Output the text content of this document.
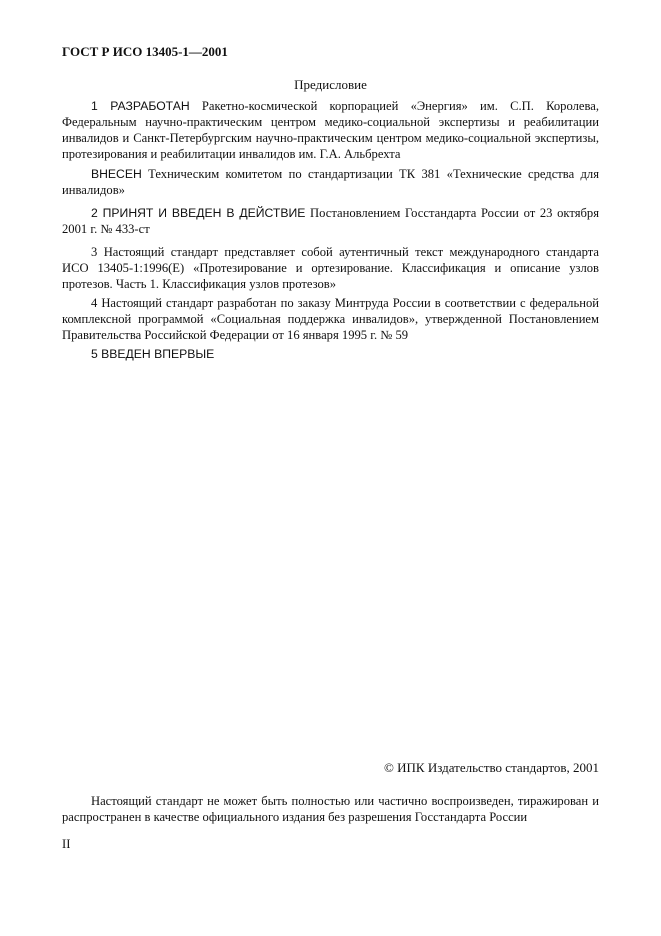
ГОСТ Р ИСО 13405-1—2001
Предисловие

1 РАЗРАБОТАН Ракетно-космической корпорацией «Энергия» им. С.П. Королева, Федеральным научно-практическим центром медико-социальной экспертизы и реабилитации инвалидов и Санкт-Петербургским научно-практическим центром медико-социальной экспертизы, протезирования и реабилитации инвалидов им. Г.А. Альбрехта

ВНЕСЕН Техническим комитетом по стандартизации ТК 381 «Технические средства для инвалидов»

2 ПРИНЯТ И ВВЕДЕН В ДЕЙСТВИЕ Постановлением Госстандарта России от 23 октября 2001 г. № 433-ст

3 Настоящий стандарт представляет собой аутентичный текст международного стандарта ИСО 13405-1:1996(Е) «Протезирование и ортезирование. Классификация и описание узлов протезов. Часть 1. Классификация узлов протезов»

4 Настоящий стандарт разработан по заказу Минтруда России в соответствии с федеральной комплексной программой «Социальная поддержка инвалидов», утвержденной Постановлением Правительства Российской Федерации от 16 января 1995 г. № 59

5 ВВЕДЕН ВПЕРВЫЕ

© ИПК Издательство стандартов, 2001

Настоящий стандарт не может быть полностью или частично воспроизведен, тиражирован и распространен в качестве официального издания без разрешения Госстандарта России

II
